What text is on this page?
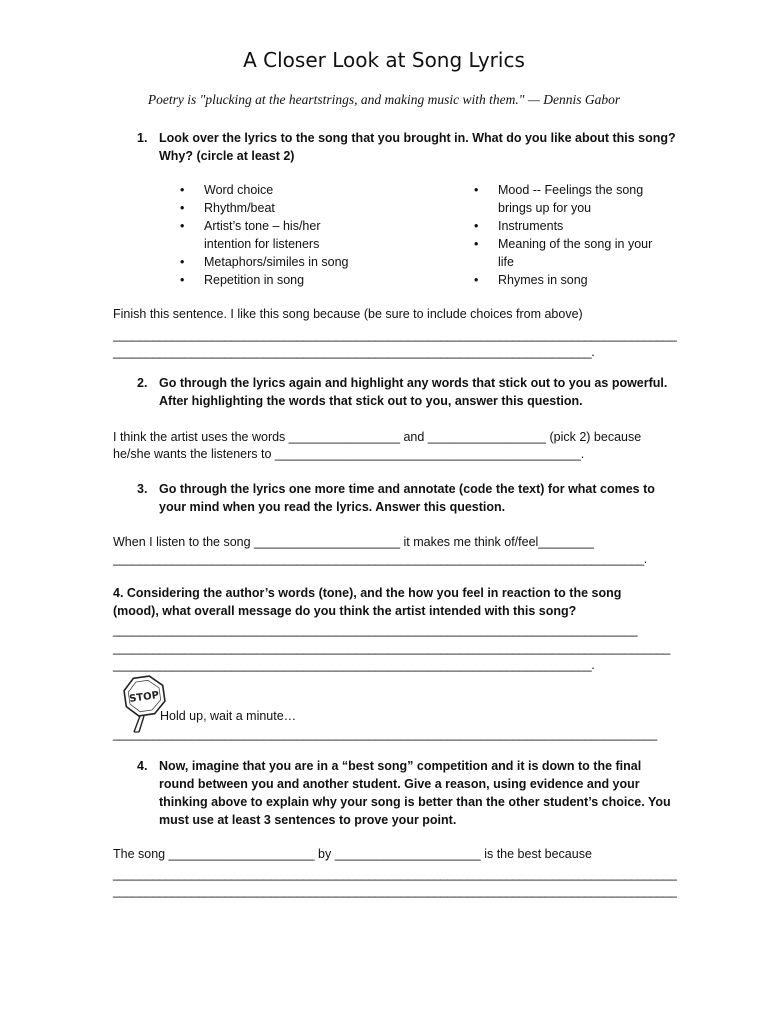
A Closer Look at Song Lyrics
Poetry is "plucking at the heartstrings, and making music with them." — Dennis Gabor
1. Look over the lyrics to the song that you brought in. What do you like about this song?
Why? (circle at least 2)
• Word choice
• Rhythm/beat
• Artist’s tone – his/her
intention for listeners
• Metaphors/similes in song
• Repetition in song
• Mood -- Feelings the song
brings up for you
• Instruments
• Meaning of the song in your
life
• Rhymes in song
Finish this sentence. I like this song because (be sure to include choices from above)
______________________________________________________________________________________
_________________________________________________________________________.
2. Go through the lyrics again and highlight any words that stick out to you as powerful.
After highlighting the words that stick out to you, answer this question.
I think the artist uses the words ________________ and _________________ (pick 2) because
he/she wants the listeners to ____________________________________________.
3. Go through the lyrics one more time and annotate (code the text) for what comes to
your mind when you read the lyrics. Answer this question.
When I listen to the song _____________________ it makes me think of/feel________
_________________________________________________________________________________.
4. Considering the author’s words (tone), and the how you feel in reaction to the song
(mood), what overall message do you think the artist intended with this song?
________________________________________________________________________________
_____________________________________________________________________________________
_________________________________________________________________________.
STOP
Hold up, wait a minute…
___________________________________________________________________________________
4. Now, imagine that you are in a “best song” competition and it is down to the final
round between you and another student. Give a reason, using evidence and your
thinking above to explain why your song is better than the other student’s choice. You
must use at least 3 sentences to prove your point.
The song _____________________ by _____________________ is the best because
______________________________________________________________________________________
______________________________________________________________________________________
